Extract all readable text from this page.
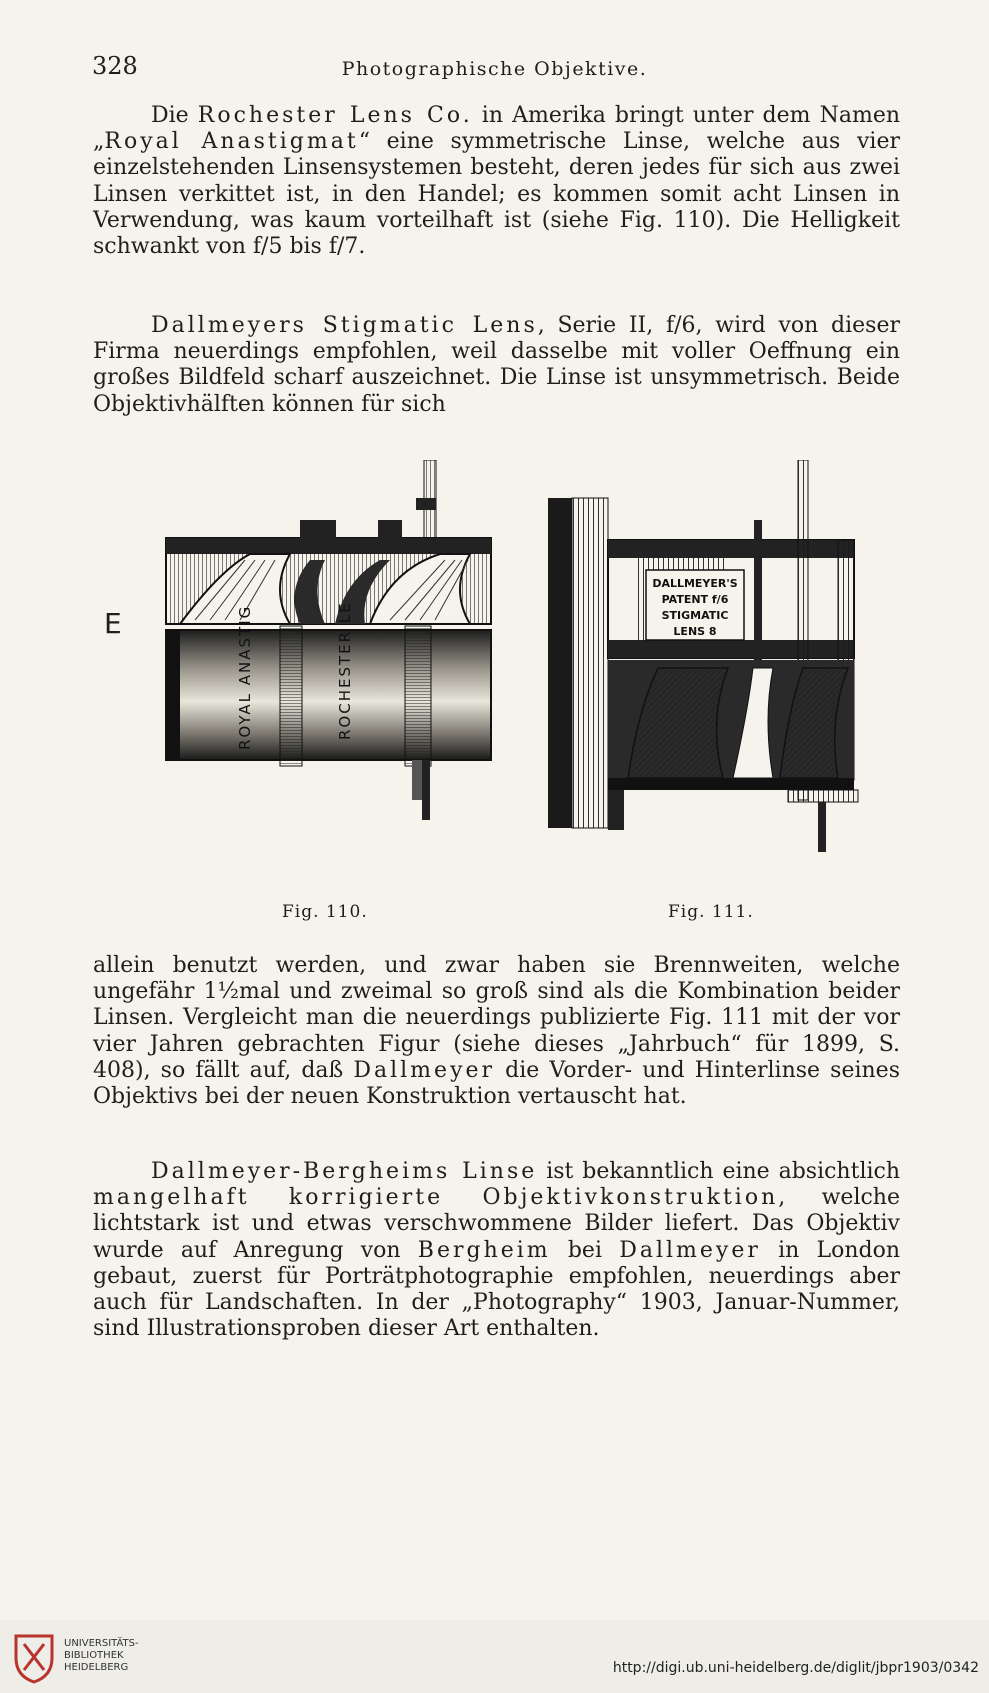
328	Photographische Objektive.

Die Rochester Lens Co. in Amerika bringt unter dem Namen „Royal Anastigmat“ eine symmetrische Linse, welche aus vier einzelstehenden Linsensystemen besteht, deren jedes für sich aus zwei Linsen verkittet ist, in den Handel; es kommen somit acht Linsen in Verwendung, was kaum vorteilhaft ist (siehe Fig. 110). Die Helligkeit schwankt von f/5 bis f/7.

Dallmeyers Stigmatic Lens, Serie II, f/6, wird von dieser Firma neuerdings empfohlen, weil dasselbe mit voller Oeffnung ein großes Bildfeld scharf auszeichnet. Die Linse ist unsymmetrisch. Beide Objektivhälften können für sich

E	ROYAL ANASTIG	ROCHESTER LE
DALLMEYER'S
PATENT f/6
STIGMATIC
LENS 8
Fig. 110.	Fig. 111.

allein benutzt werden, und zwar haben sie Brennweiten, welche ungefähr 1½mal und zweimal so groß sind als die Kombination beider Linsen. Vergleicht man die neuerdings publizierte Fig. 111 mit der vor vier Jahren gebrachten Figur (siehe dieses „Jahrbuch“ für 1899, S. 408), so fällt auf, daß Dallmeyer die Vorder- und Hinterlinse seines Objektivs bei der neuen Konstruktion vertauscht hat.

Dallmeyer-Bergheims Linse ist bekanntlich eine absichtlich mangelhaft korrigierte Objektivkonstruktion, welche lichtstark ist und etwas verschwommene Bilder liefert. Das Objektiv wurde auf Anregung von Bergheim bei Dallmeyer in London gebaut, zuerst für Porträtphotographie empfohlen, neuerdings aber auch für Landschaften. In der „Photography“ 1903, Januar-Nummer, sind Illustrationsproben dieser Art enthalten.

UNIVERSITÄTS-
BIBLIOTHEK
HEIDELBERG	http://digi.ub.uni-heidelberg.de/diglit/jbpr1903/0342
